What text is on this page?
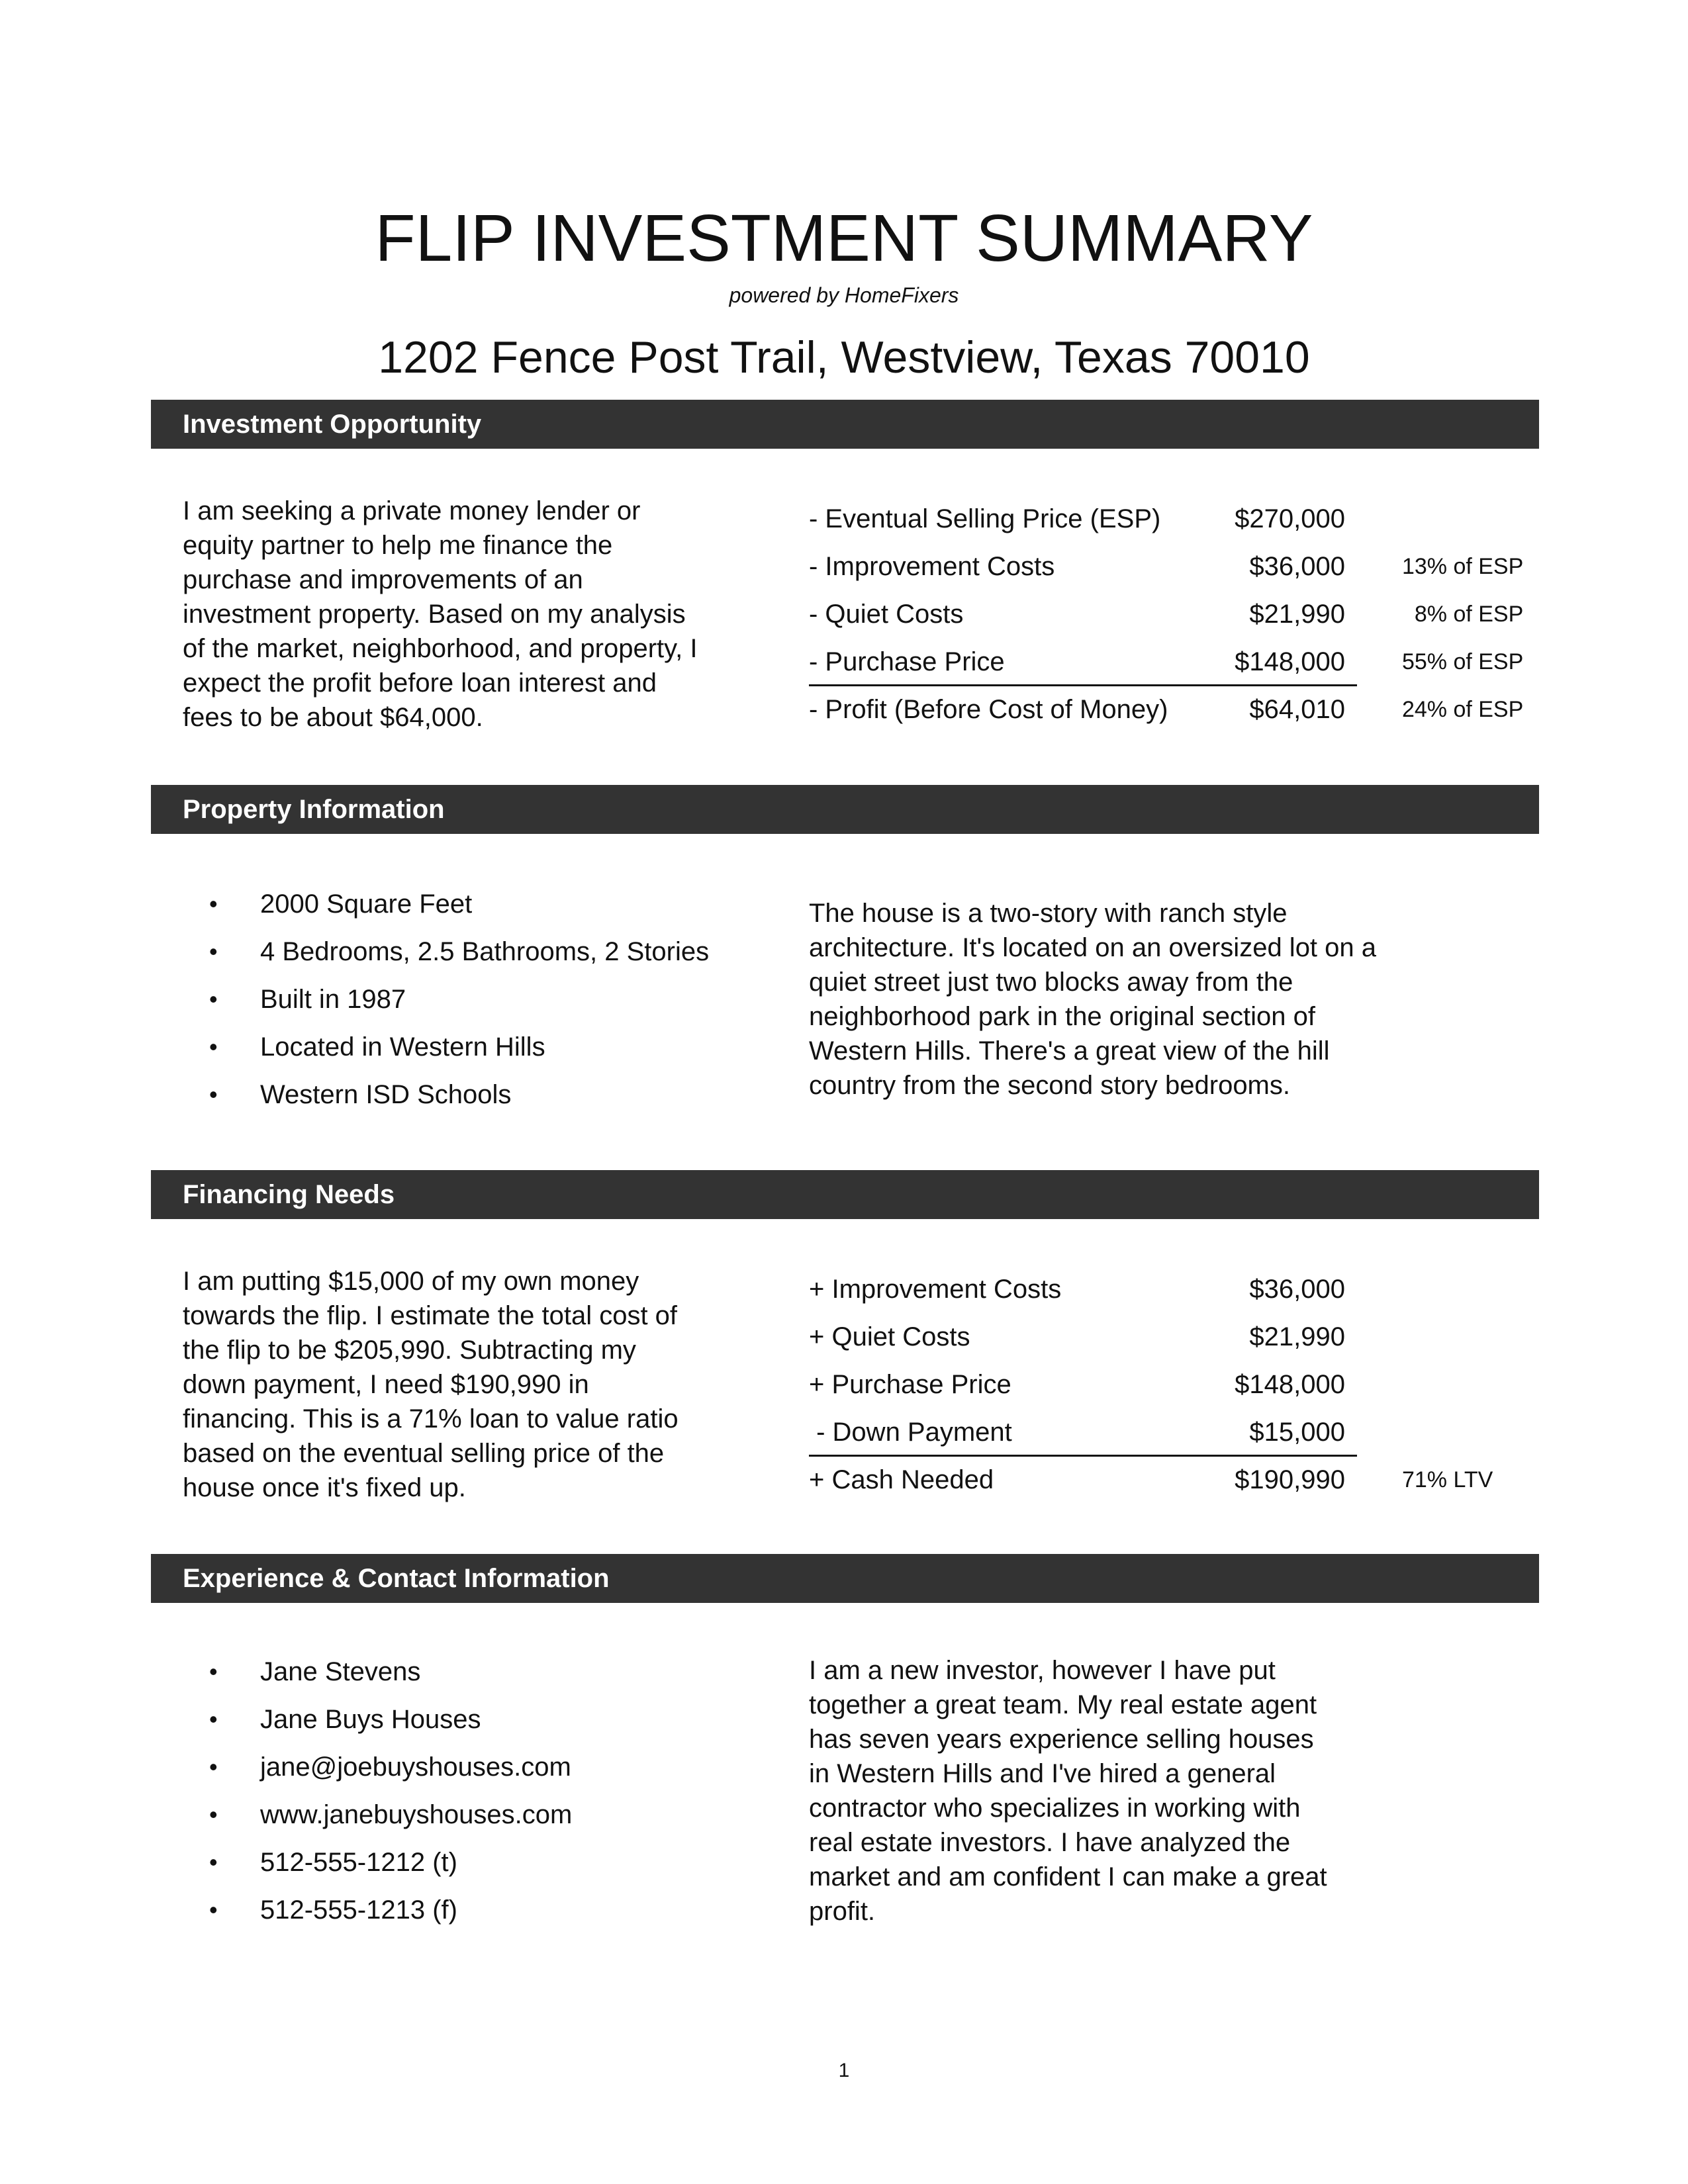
FLIP INVESTMENT SUMMARY
powered by HomeFixers
1202 Fence Post Trail, Westview, Texas 70010
Investment Opportunity
I am seeking a private money lender or
equity partner to help me finance the
purchase and improvements of an
investment property. Based on my analysis
of the market, neighborhood, and property, I
expect the profit before loan interest and
fees to be about $64,000.
- Eventual Selling Price (ESP)	$270,000
- Improvement Costs	$36,000	13% of ESP
- Quiet Costs	$21,990	8% of ESP
- Purchase Price	$148,000	55% of ESP
- Profit (Before Cost of Money)	$64,010	24% of ESP
Property Information
• 2000 Square Feet
• 4 Bedrooms, 2.5 Bathrooms, 2 Stories
• Built in 1987
• Located in Western Hills
• Western ISD Schools
The house is a two-story with ranch style
architecture. It's located on an oversized lot on a
quiet street just two blocks away from the
neighborhood park in the original section of
Western Hills. There's a great view of the hill
country from the second story bedrooms.
Financing Needs
I am putting $15,000 of my own money
towards the flip. I estimate the total cost of
the flip to be $205,990. Subtracting my
down payment, I need $190,990 in
financing. This is a 71% loan to value ratio
based on the eventual selling price of the
house once it's fixed up.
+ Improvement Costs	$36,000
+ Quiet Costs	$21,990
+ Purchase Price	$148,000
- Down Payment	$15,000
+ Cash Needed	$190,990	71% LTV
Experience & Contact Information
• Jane Stevens
• Jane Buys Houses
• jane@joebuyshouses.com
• www.janebuyshouses.com
• 512-555-1212 (t)
• 512-555-1213 (f)
I am a new investor, however I have put
together a great team. My real estate agent
has seven years experience selling houses
in Western Hills and I've hired a general
contractor who specializes in working with
real estate investors. I have analyzed the
market and am confident I can make a great
profit.
1
